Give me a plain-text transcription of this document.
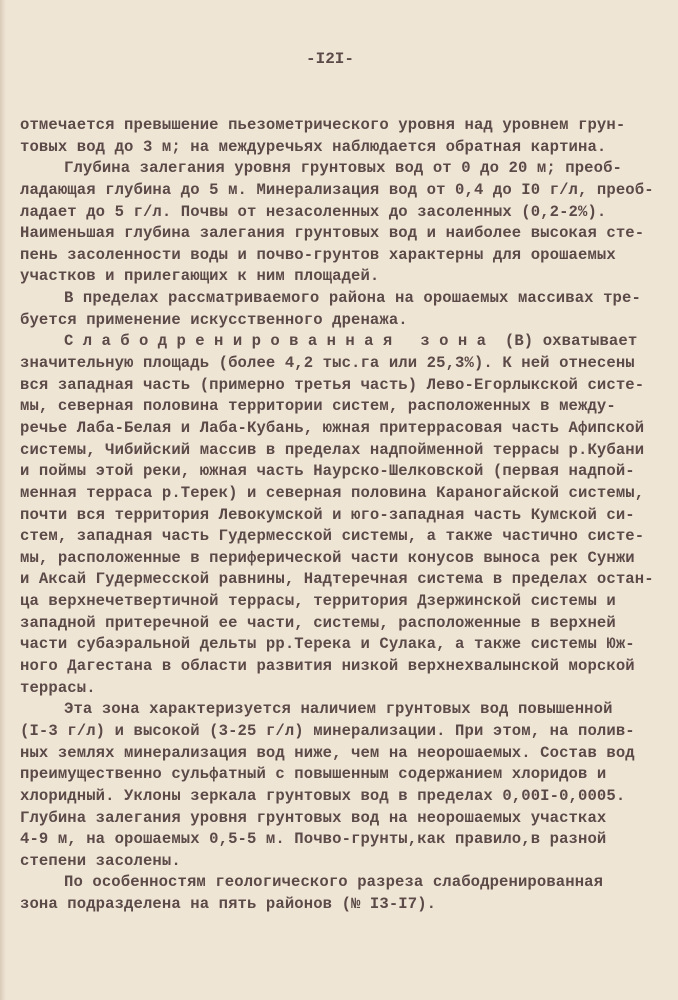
-I2I-
отмечается превышение пьезометрического уровня над уровнем грун-
товых вод до 3 м; на междуречьях наблюдается обратная картина.
Глубина залегания уровня грунтовых вод от 0 до 20 м; преоб-
ладающая глубина до 5 м. Минерализация вод от 0,4 до I0 г/л, преоб-
ладает до 5 г/л. Почвы от незасоленных до засоленных (0,2-2%).
Наименьшая глубина залегания грунтовых вод и наиболее высокая сте-
пень засоленности воды и почво-грунтов характерны для орошаемых
участков и прилегающих к ним площадей.
В пределах рассматриваемого района на орошаемых массивах тре-
буется применение искусственного дренажа.
Слабодренированная зона (В) охватывает
значительную площадь (более 4,2 тыс.га или 25,3%). К ней отнесены
вся западная часть (примерно третья часть) Лево-Егорлыкской систе-
мы, северная половина территории систем, расположенных в между-
речье Лаба-Белая и Лаба-Кубань, южная притеррасовая часть Афипской
системы, Чибийский массив в пределах надпойменной террасы р.Кубани
и поймы этой реки, южная часть Наурско-Шелковской (первая надпой-
менная терраса р.Терек) и северная половина Караногайской системы,
почти вся территория Левокумской и юго-западная часть Кумской си-
стем, западная часть Гудермесской системы, а также частично систе-
мы, расположенные в периферической части конусов выноса рек Сунжи
и Аксай Гудермесской равнины, Надтеречная система в пределах остан-
ца верхнечетвертичной террасы, территория Дзержинской системы и
западной притеречной ее части, системы, расположенные в верхней
части субаэральной дельты рр.Терека и Сулака, а также системы Юж-
ного Дагестана в области развития низкой верхнехвалынской морской
террасы.
Эта зона характеризуется наличием грунтовых вод повышенной
(I-3 г/л) и высокой (3-25 г/л) минерализации. При этом, на полив-
ных землях минерализация вод ниже, чем на неорошаемых. Состав вод
преимущественно сульфатный с повышенным содержанием хлоридов и
хлоридный. Уклоны зеркала грунтовых вод в пределах 0,00I-0,0005.
Глубина залегания уровня грунтовых вод на неорошаемых участках
4-9 м, на орошаемых 0,5-5 м. Почво-грунты,как правило,в разной
степени засолены.
По особенностям геологического разреза слабодренированная
зона подразделена на пять районов (№ I3-I7).
